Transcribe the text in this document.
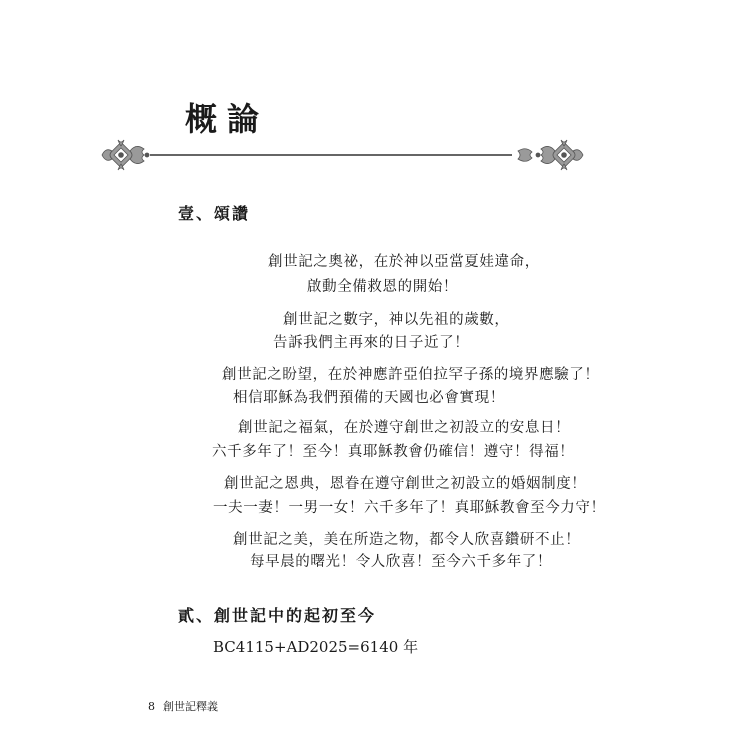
概論
壹、頌讚
創世記之奧祕，在於神以亞當夏娃違命，
啟動全備救恩的開始！
創世記之數字，神以先祖的歲數，
告訴我們主再來的日子近了！
創世記之盼望，在於神應許亞伯拉罕子孫的境界應驗了！
相信耶穌為我們預備的天國也必會實現！
創世記之福氣，在於遵守創世之初設立的安息日！
六千多年了！至今！真耶穌教會仍確信！遵守！得福！
創世記之恩典，恩眷在遵守創世之初設立的婚姻制度！
一夫一妻！一男一女！六千多年了！真耶穌教會至今力守！
創世記之美，美在所造之物，都令人欣喜鑽研不止！
每早晨的曙光！令人欣喜！至今六千多年了！
貳、創世記中的起初至今
BC4115+AD2025=6140 年
8 創世記釋義
